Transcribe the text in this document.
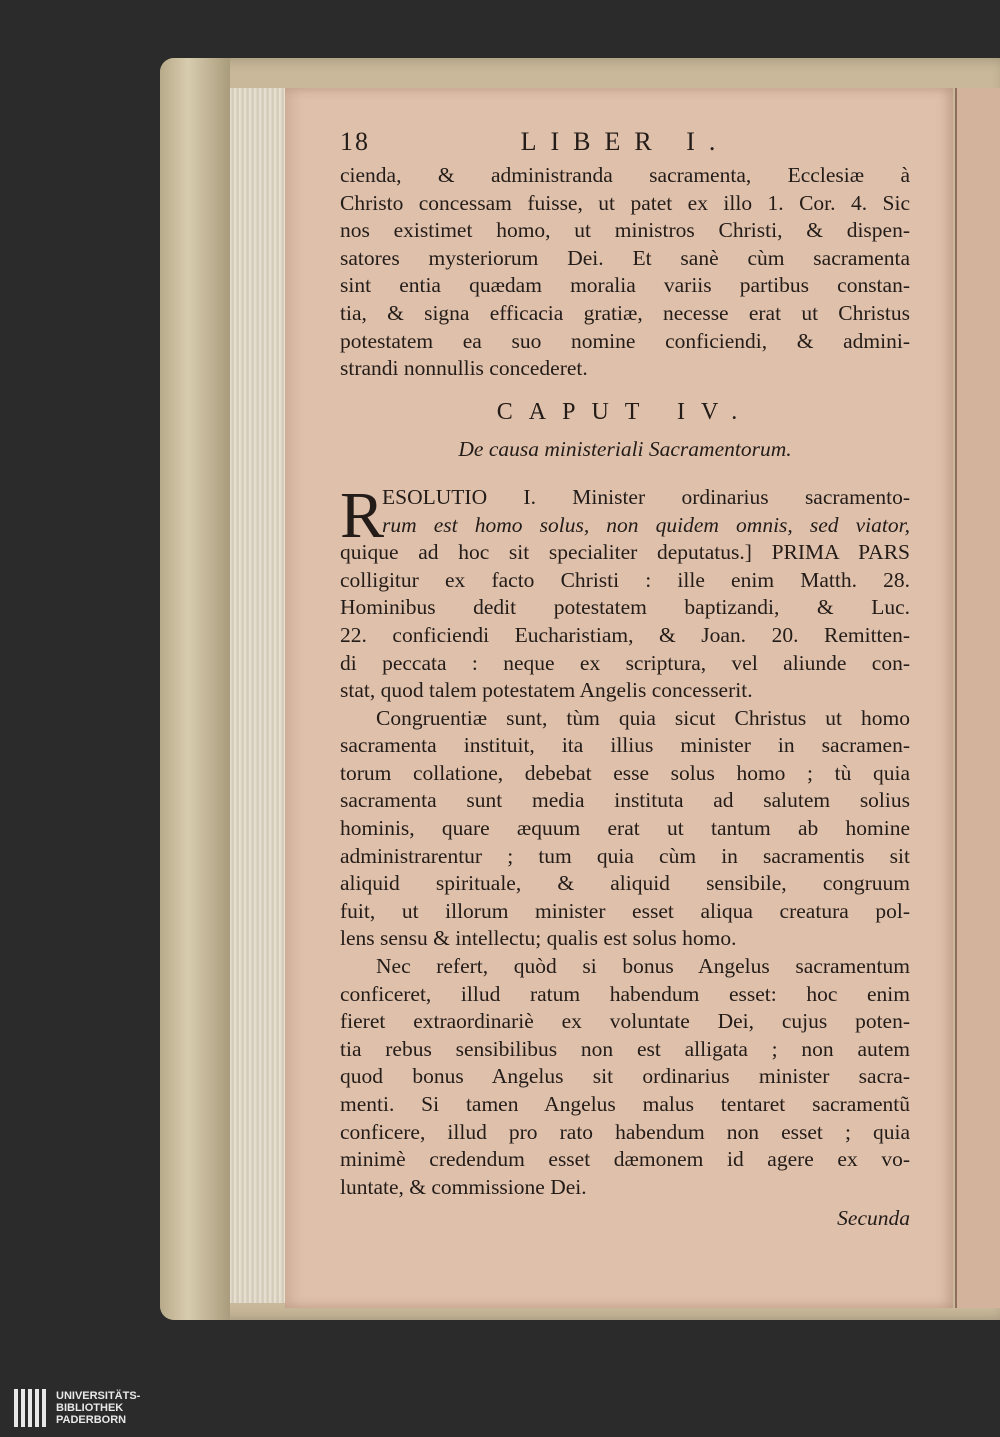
18	LIBER I.
cienda, & administranda sacramenta, Ecclesiæ à
Christo concessam fuisse, ut patet ex illo 1. Cor. 4. Sic
nos existimet homo, ut ministros Christi, & dispen-
satores mysteriorum Dei. Et sanè cùm sacramenta
sint entia quædam moralia variis partibus constan-
tia, & signa efficacia gratiæ, necesse erat ut Christus
potestatem ea suo nomine conficiendi, & admini-
strandi nonnullis concederet.
CAPUT IV.
De causa ministeriali Sacramentorum.
R
ESOLUTIO I. Minister ordinarius sacramento-
rum est homo solus, non quidem omnis, sed viator,
quique ad hoc sit specialiter deputatus.] PRIMA PARS
colligitur ex facto Christi : ille enim Matth. 28.
Hominibus dedit potestatem baptizandi, & Luc.
22. conficiendi Eucharistiam, & Joan. 20. Remitten-
di peccata : neque ex scriptura, vel aliunde con-
stat, quod talem potestatem Angelis concesserit.
Congruentiæ sunt, tùm quia sicut Christus ut homo
sacramenta instituit, ita illius minister in sacramen-
torum collatione, debebat esse solus homo ; tù quia
sacramenta sunt media instituta ad salutem solius
hominis, quare æquum erat ut tantum ab homine
administrarentur ; tum quia cùm in sacramentis sit
aliquid spirituale, & aliquid sensibile, congruum
fuit, ut illorum minister esset aliqua creatura pol-
lens sensu & intellectu; qualis est solus homo.
Nec refert, quòd si bonus Angelus sacramentum
conficeret, illud ratum habendum esset: hoc enim
fieret extraordinariè ex voluntate Dei, cujus poten-
tia rebus sensibilibus non est alligata ; non autem
quod bonus Angelus sit ordinarius minister sacra-
menti. Si tamen Angelus malus tentaret sacramentũ
conficere, illud pro rato habendum non esset ; quia
minimè credendum esset dæmonem id agere ex vo-
luntate, & commissione Dei.
Secunda
UNIVERSITÄTS-
BIBLIOTHEK
PADERBORN
